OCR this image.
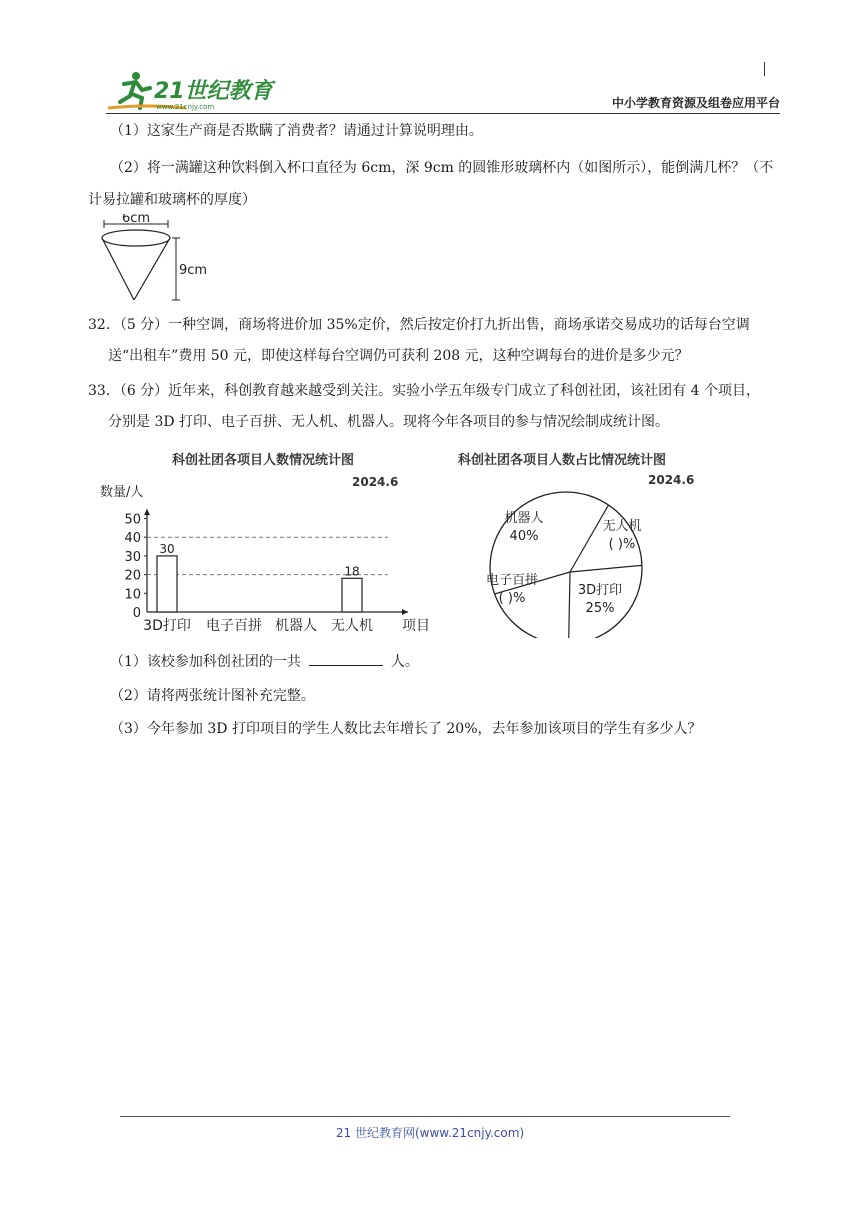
21世纪教育
www.21cnjy.com	中小学教育资源及组卷应用平台
（1）这家生产商是否欺瞒了消费者？请通过计算说明理由。
（2）将一满罐这种饮料倒入杯口直径为 6cm，深 9cm 的圆锥形玻璃杯内（如图所示），能倒满几杯？（不
计易拉罐和玻璃杯的厚度）
6cm
9cm
32．（5 分）一种空调，商场将进价加 35%定价，然后按定价打九折出售，商场承诺交易成功的话每台空调
送“出租车”费用 50 元，即使这样每台空调仍可获利 208 元，这种空调每台的进价是多少元？
33．（6 分）近年来，科创教育越来越受到关注。实验小学五年级专门成立了科创社团，该社团有 4 个项目，
分别是 3D 打印、电子百拼、无人机、机器人。现将今年各项目的参与情况绘制成统计图。
科创社团各项目人数情况统计图
2024.6
数量/人
项目
0
10
20
30
40
50
30
18
3D打印 电子百拼 机器人 无人机
科创社团各项目人数占比情况统计图
2024.6
机器人
40%
无人机
( )%
3D打印
25%
电子百拼
( )%
（1）该校参加科创社团的一共	人。
（2）请将两张统计图补充完整。
（3）今年参加 3D 打印项目的学生人数比去年增长了 20%，去年参加该项目的学生有多少人？
21 世纪教育网(www.21cnjy.com)
